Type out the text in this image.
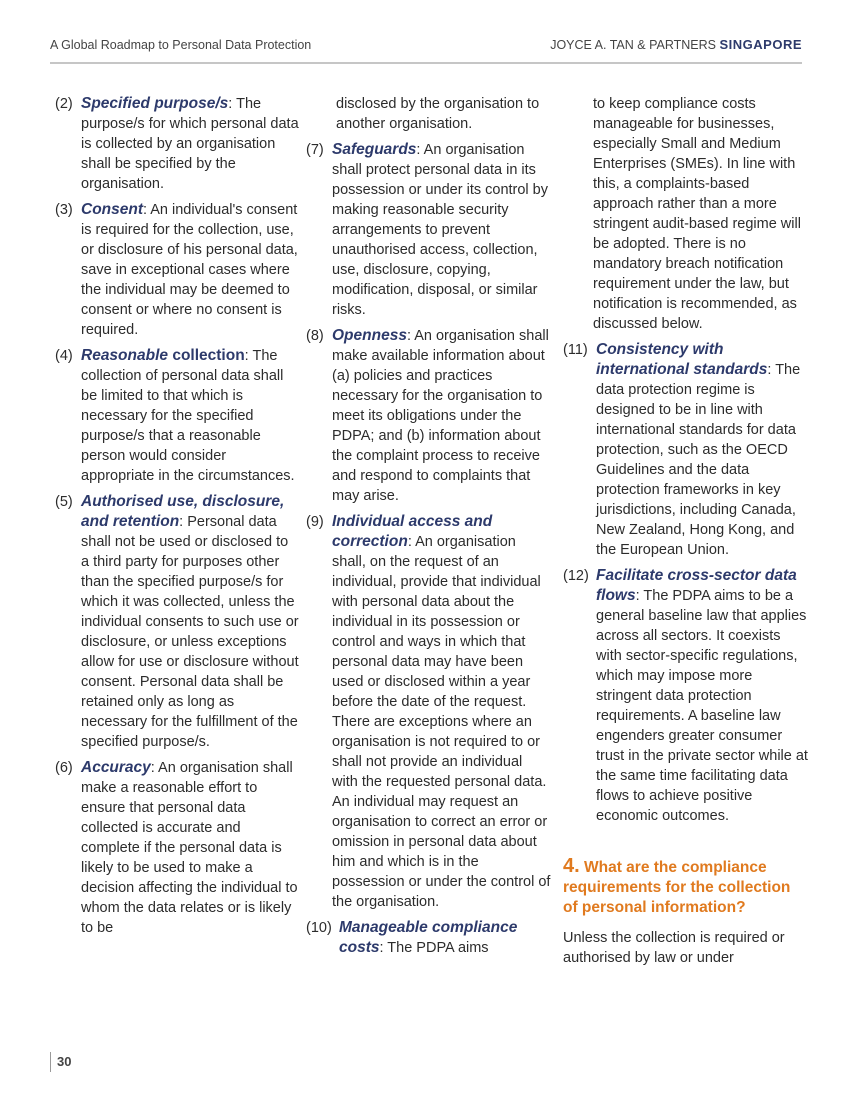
A Global Roadmap to Personal Data Protection	JOYCE A. TAN & PARTNERS SINGAPORE
(2) Specified purpose/s: The purpose/s for which personal data is collected by an organisation shall be specified by the organisation.
(3) Consent: An individual's consent is required for the collection, use, or disclosure of his personal data, save in exceptional cases where the individual may be deemed to consent or where no consent is required.
(4) Reasonable collection: The collection of personal data shall be limited to that which is necessary for the specified purpose/s that a reasonable person would consider appropriate in the circumstances.
(5) Authorised use, disclosure, and retention: Personal data shall not be used or disclosed to a third party for purposes other than the specified purpose/s for which it was collected, unless the individual consents to such use or disclosure, or unless exceptions allow for use or disclosure without consent. Personal data shall be retained only as long as necessary for the fulfillment of the specified purpose/s.
(6) Accuracy: An organisation shall make a reasonable effort to ensure that personal data collected is accurate and complete if the personal data is likely to be used to make a decision affecting the individual to whom the data relates or is likely to be
disclosed by the organisation to another organisation.
(7) Safeguards: An organisation shall protect personal data in its possession or under its control by making reasonable security arrangements to prevent unauthorised access, collection, use, disclosure, copying, modification, disposal, or similar risks.
(8) Openness: An organisation shall make available information about (a) policies and practices necessary for the organisation to meet its obligations under the PDPA; and (b) information about the complaint process to receive and respond to complaints that may arise.
(9) Individual access and correction: An organisation shall, on the request of an individual, provide that individual with personal data about the individual in its possession or control and ways in which that personal data may have been used or disclosed within a year before the date of the request. There are exceptions where an organisation is not required to or shall not provide an individual with the requested personal data. An individual may request an organisation to correct an error or omission in personal data about him and which is in the possession or under the control of the organisation.
(10) Manageable compliance costs: The PDPA aims
to keep compliance costs manageable for businesses, especially Small and Medium Enterprises (SMEs). In line with this, a complaints-based approach rather than a more stringent audit-based regime will be adopted. There is no mandatory breach notification requirement under the law, but notification is recommended, as discussed below.
(11) Consistency with international standards: The data protection regime is designed to be in line with international standards for data protection, such as the OECD Guidelines and the data protection frameworks in key jurisdictions, including Canada, New Zealand, Hong Kong, and the European Union.
(12) Facilitate cross-sector data flows: The PDPA aims to be a general baseline law that applies across all sectors. It coexists with sector-specific regulations, which may impose more stringent data protection requirements. A baseline law engenders greater consumer trust in the private sector while at the same time facilitating data flows to achieve positive economic outcomes.
4. What are the compliance requirements for the collection of personal information?
Unless the collection is required or authorised by law or under
30
